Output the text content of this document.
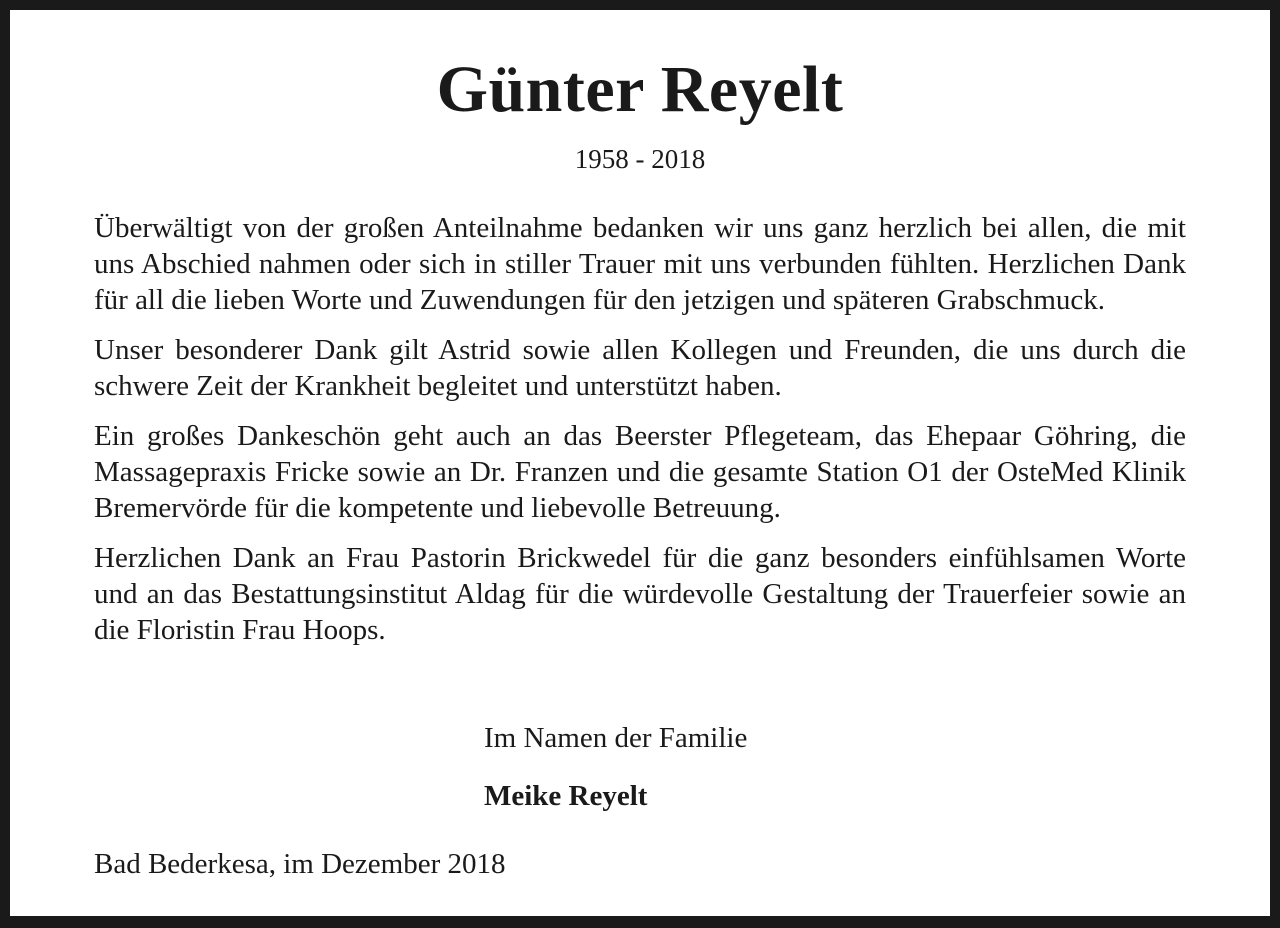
Günter Reyelt
1958 - 2018

Überwältigt von der großen Anteilnahme bedanken wir uns ganz herzlich bei allen, die mit uns Abschied nahmen oder sich in stiller Trauer mit uns verbunden fühlten. Herzlichen Dank für all die lieben Worte und Zuwendungen für den jetzigen und späteren Grabschmuck.

Unser besonderer Dank gilt Astrid sowie allen Kollegen und Freunden, die uns durch die schwere Zeit der Krankheit begleitet und unterstützt haben.

Ein großes Dankeschön geht auch an das Beerster Pflegeteam, das Ehepaar Göhring, die Massagepraxis Fricke sowie an Dr. Franzen und die gesamte Station O1 der OsteMed Klinik Bremervörde für die kompetente und liebevolle Betreuung.

Herzlichen Dank an Frau Pastorin Brickwedel für die ganz besonders einfühlsamen Worte und an das Bestattungsinstitut Aldag für die würdevolle Gestaltung der Trauerfeier sowie an die Floristin Frau Hoops.

Im Namen der Familie
Meike Reyelt
Bad Bederkesa, im Dezember 2018
